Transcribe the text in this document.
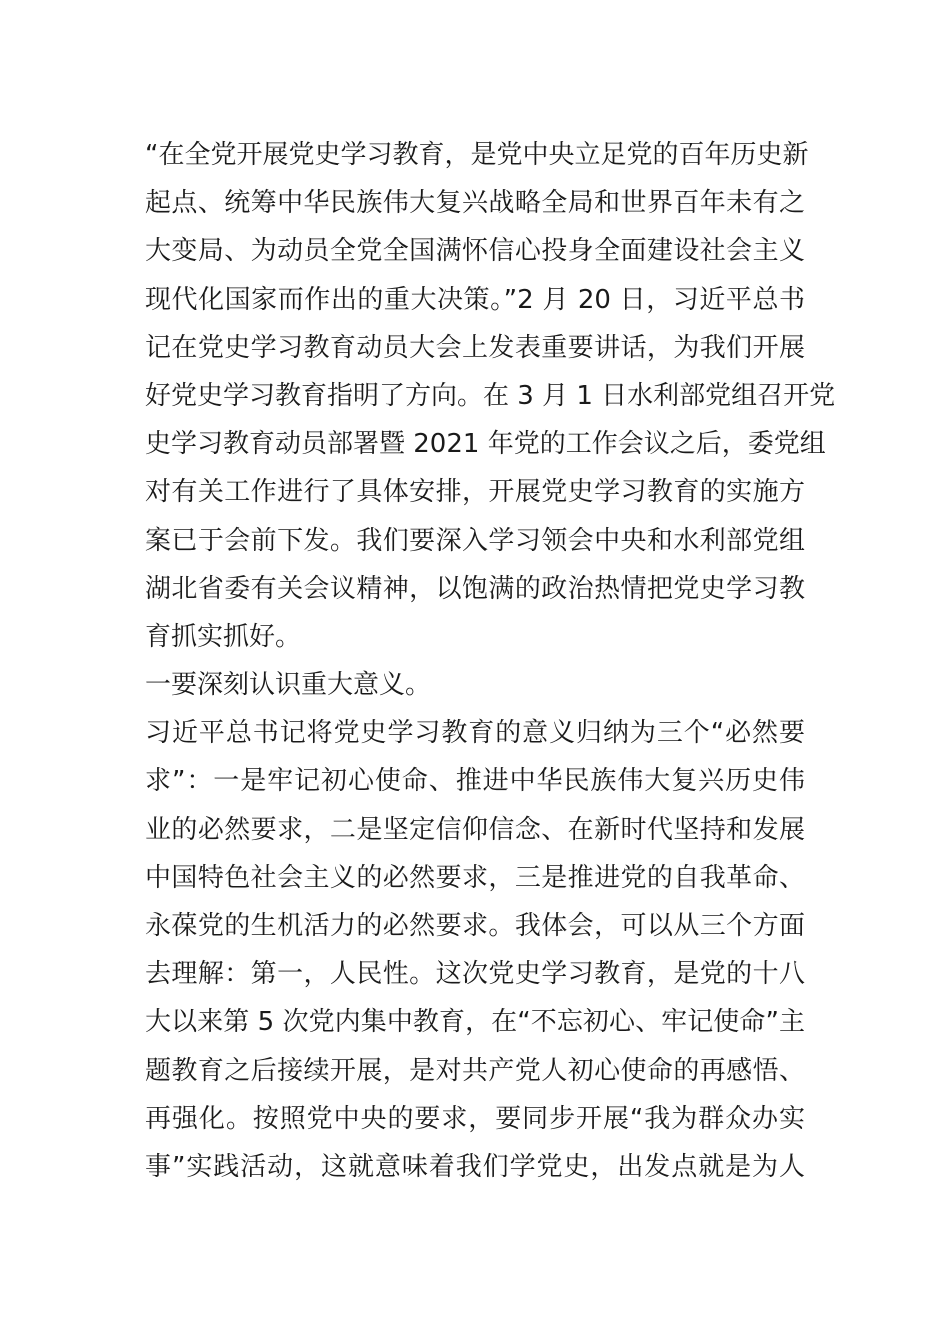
“在全党开展党史学习教育，是党中央立足党的百年历史新
起点、统筹中华民族伟大复兴战略全局和世界百年未有之
大变局、为动员全党全国满怀信心投身全面建设社会主义
现代化国家而作出的重大决策。”2 月 20 日，习近平总书
记在党史学习教育动员大会上发表重要讲话，为我们开展
好党史学习教育指明了方向。在 3 月 1 日水利部党组召开党
史学习教育动员部署暨 2021 年党的工作会议之后，委党组
对有关工作进行了具体安排，开展党史学习教育的实施方
案已于会前下发。我们要深入学习领会中央和水利部党组
湖北省委有关会议精神，以饱满的政治热情把党史学习教
育抓实抓好。
一要深刻认识重大意义。
习近平总书记将党史学习教育的意义归纳为三个“必然要
求”：一是牢记初心使命、推进中华民族伟大复兴历史伟
业的必然要求，二是坚定信仰信念、在新时代坚持和发展
中国特色社会主义的必然要求，三是推进党的自我革命、
永葆党的生机活力的必然要求。我体会，可以从三个方面
去理解：第一，人民性。这次党史学习教育，是党的十八
大以来第 5 次党内集中教育，在“不忘初心、牢记使命”主
题教育之后接续开展，是对共产党人初心使命的再感悟、
再强化。按照党中央的要求，要同步开展“我为群众办实
事”实践活动，这就意味着我们学党史，出发点就是为人
